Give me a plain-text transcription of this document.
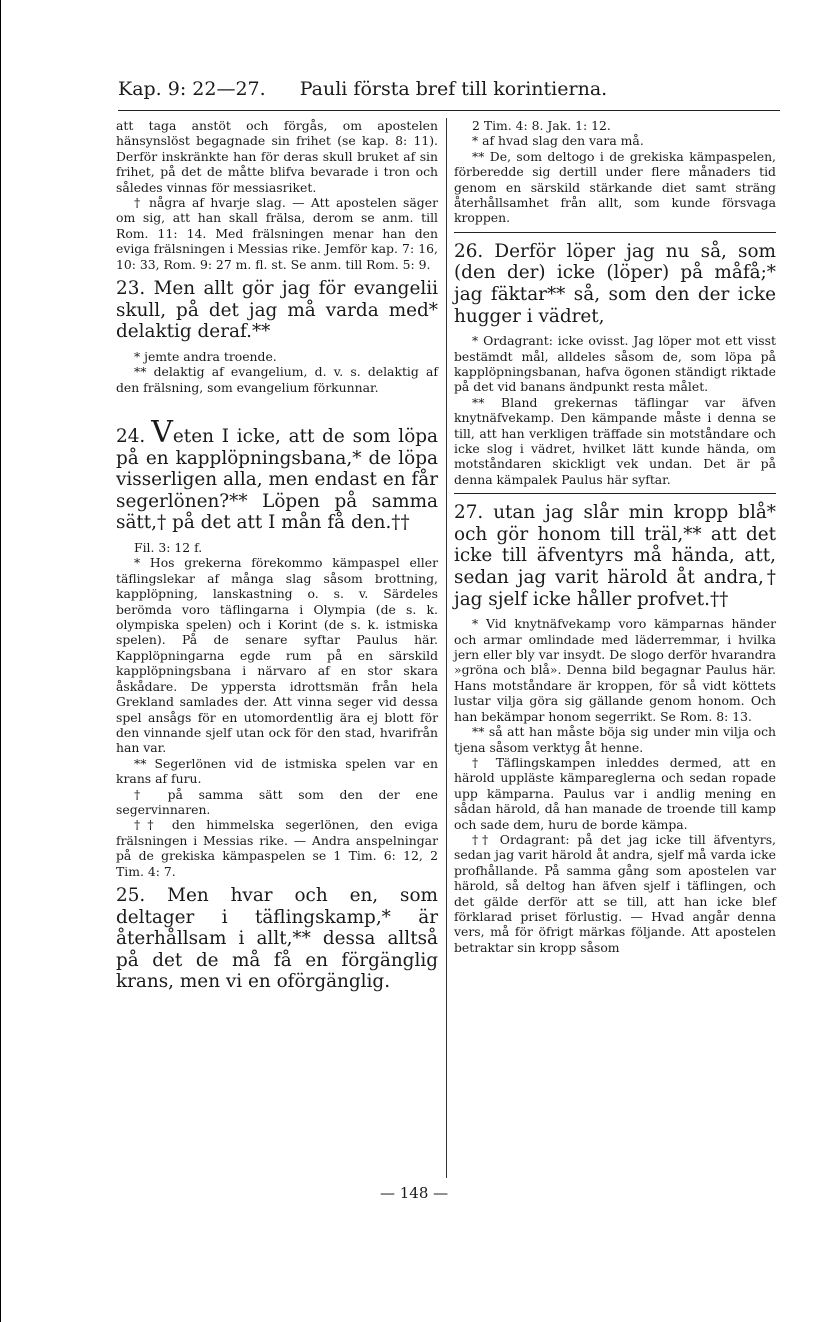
Kap. 9: 22—27. Pauli första bref till korintierna.

att taga anstöt och förgås, om apostelen hänsynslöst begagnade sin frihet (se kap. 8: 11). Derför inskränkte han för deras skull bruket af sin frihet, på det de måtte blifva bevarade i tron och således vinnas för messiasriket.

† några af hvarje slag. — Att apostelen säger om sig, att han skall frälsa, derom se anm. till Rom. 11: 14. Med frälsningen menar han den eviga frälsningen i Messias rike. Jemför kap. 7: 16, 10: 33, Rom. 9: 27 m. fl. st. Se anm. till Rom. 5: 9.

23. Men allt gör jag för evangelii skull, på det jag må varda med* delaktig deraf.**

* jemte andra troende.

** delaktig af evangelium, d. v. s. delaktig af den frälsning, som evangelium förkunnar.

24. Veten I icke, att de som löpa på en kapplöpningsbana,* de löpa visserligen alla, men endast en får segerlönen?** Löpen på samma sätt,† på det att I mån få den.††

Fil. 3: 12 f.

* Hos grekerna förekommo kämpaspel eller täflingslekar af många slag såsom brottning, kapplöpning, lanskastning o. s. v. Särdeles berömda voro täflingarna i Olympia (de s. k. olympiska spelen) och i Korint (de s. k. istmiska spelen). På de senare syftar Paulus här. Kapplöpningarna egde rum på en särskild kapplöpningsbana i närvaro af en stor skara åskådare. De yppersta idrottsmän från hela Grekland samlades der. Att vinna seger vid dessa spel ansågs för en utomordentlig ära ej blott för den vinnande sjelf utan ock för den stad, hvarifrån han var.

** Segerlönen vid de istmiska spelen var en krans af furu.

† på samma sätt som den der ene segervinnaren.

†† den himmelska segerlönen, den eviga frälsningen i Messias rike. — Andra anspelningar på de grekiska kämpaspelen se 1 Tim. 6: 12, 2 Tim. 4: 7.

25. Men hvar och en, som deltager i täflingskamp,* är återhållsam i allt,** dessa alltså på det de må få en förgänglig krans, men vi en oförgänglig.

2 Tim. 4: 8. Jak. 1: 12.

* af hvad slag den vara må.

** De, som deltogo i de grekiska kämpaspelen, förberedde sig dertill under flere månaders tid genom en särskild stärkande diet samt sträng återhållsamhet från allt, som kunde försvaga kroppen.

26. Derför löper jag nu så, som (den der) icke (löper) på måfå;* jag fäktar** så, som den der icke hugger i vädret,

* Ordagrant: icke ovisst. Jag löper mot ett visst bestämdt mål, alldeles såsom de, som löpa på kapplöpningsbanan, hafva ögonen ständigt riktade på det vid banans ändpunkt resta målet.

** Bland grekernas täflingar var äfven knytnäfvekamp. Den kämpande måste i denna se till, att han verkligen träffade sin motståndare och icke slog i vädret, hvilket lätt kunde hända, om motståndaren skickligt vek undan. Det är på denna kämpalek Paulus här syftar.

27. utan jag slår min kropp blå* och gör honom till träl,** att det icke till äfventyrs må hända, att, sedan jag varit härold åt andra,† jag sjelf icke håller profvet.††

* Vid knytnäfvekamp voro kämparnas händer och armar omlindade med läderremmar, i hvilka jern eller bly var insydt. De slogo derför hvarandra »gröna och blå». Denna bild begagnar Paulus här. Hans motståndare är kroppen, för så vidt köttets lustar vilja göra sig gällande genom honom. Och han bekämpar honom segerrikt. Se Rom. 8: 13.

** så att han måste böja sig under min vilja och tjena såsom verktyg åt henne.

† Täflingskampen inleddes dermed, att en härold uppläste kämpareglerna och sedan ropade upp kämparna. Paulus var i andlig mening en sådan härold, då han manade de troende till kamp och sade dem, huru de borde kämpa.

†† Ordagrant: på det jag icke till äfventyrs, sedan jag varit härold åt andra, sjelf må varda icke profhållande. På samma gång som apostelen var härold, så deltog han äfven sjelf i täflingen, och det gälde derför att se till, att han icke blef förklarad priset förlustig. — Hvad angår denna vers, må för öfrigt märkas följande. Att apostelen betraktar sin kropp såsom

— 148 —
